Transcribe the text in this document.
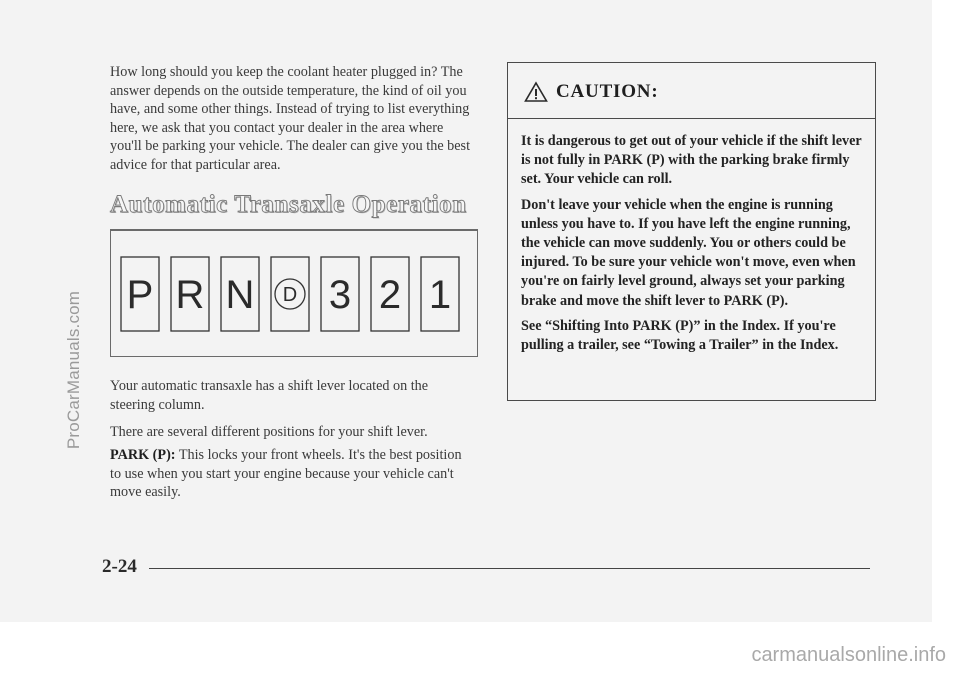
How long should you keep the coolant heater plugged in? The answer depends on the outside temperature, the kind of oil you have, and some other things. Instead of trying to list everything here, we ask that you contact your dealer in the area where you'll be parking your vehicle. The dealer can give you the best advice for that particular area.

Automatic Transaxle Operation
P R N D 3 2 1

Your automatic transaxle has a shift lever located on the steering column.

There are several different positions for your shift lever.

PARK (P): This locks your front wheels. It's the best position to use when you start your engine because your vehicle can't move easily.

CAUTION:

It is dangerous to get out of your vehicle if the shift lever is not fully in PARK (P) with the parking brake firmly set. Your vehicle can roll.

Don't leave your vehicle when the engine is running unless you have to. If you have left the engine running, the vehicle can move suddenly. You or others could be injured. To be sure your vehicle won't move, even when you're on fairly level ground, always set your parking brake and move the shift lever to PARK (P).

See “Shifting Into PARK (P)” in the Index. If you're pulling a trailer, see “Towing a Trailer” in the Index.

2-24
ProCarManuals.com
carmanualsonline.info
